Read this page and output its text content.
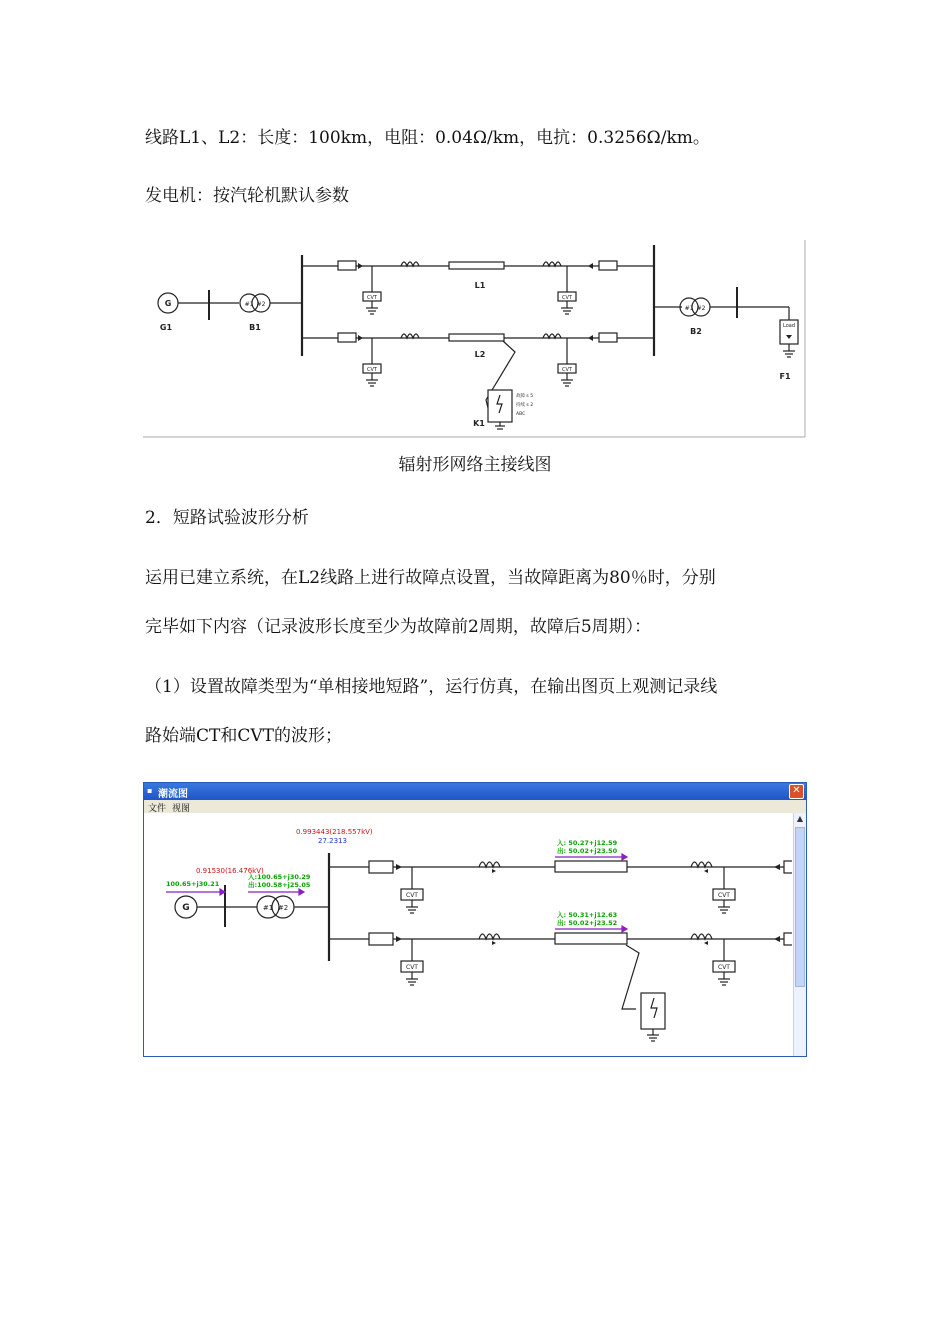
线路L1、L2：长度：100km，电阻：0.04Ω/km，电抗：0.3256Ω/km。
发电机：按汽轮机默认参数
G
G1
#1 #2
B1
L1
L2
CVT	CVT
CVT	CVT
K1
#1 #2
B2
Load
F1
故障 s 5
持续 s 2
ABC
辐射形网络主接线图
2．短路试验波形分析
运用已建立系统，在L2线路上进行故障点设置，当故障距离为80％时，分别
完毕如下内容（记录波形长度至少为故障前2周期，故障后5周期）：
（1）设置故障类型为“单相接地短路”，运行仿真，在输出图页上观测记录线
路始端CT和CVT的波形；
▪ 潮流图	✕
文件 视图
G	#1 #2
CVT	CVT
CVT	CVT
0.993443(218.557kV)
27.2313
0.91530(16.476kV)
100.65+j30.21
入:100.65+j30.29
出:100.58+j25.05
入: 50.27+j12.59
出: 50.02+j23.50
入: 50.31+j12.63
出: 50.02+j23.52
▲
